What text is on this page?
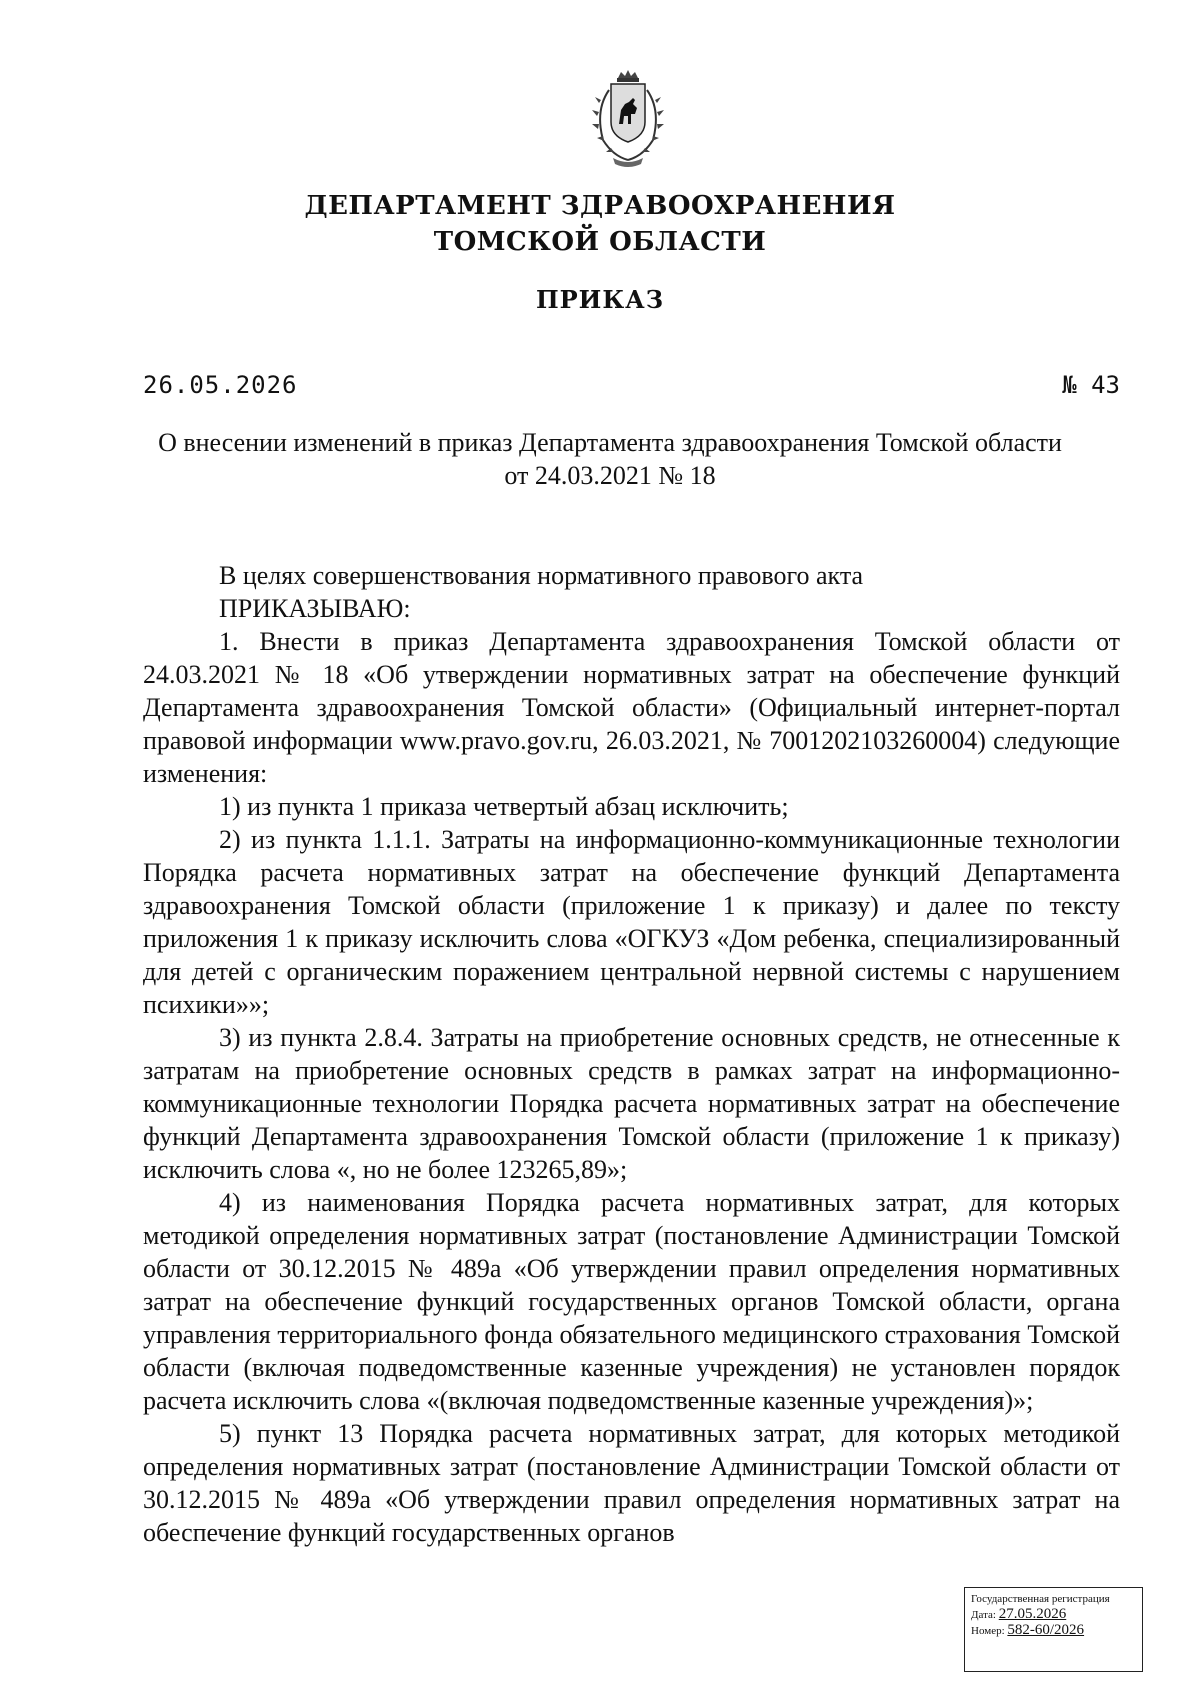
ДЕПАРТАМЕНТ ЗДРАВООХРАНЕНИЯ
ТОМСКОЙ ОБЛАСТИ
ПРИКАЗ
26.05.2026	№ 43
О внесении изменений в приказ Департамента здравоохранения Томской области от 24.03.2021 № 18

В целях совершенствования нормативного правового акта

ПРИКАЗЫВАЮ:

1. Внести в приказ Департамента здравоохранения Томской области от 24.03.2021 № 18 «Об утверждении нормативных затрат на обеспечение функций Департамента здравоохранения Томской области» (Официальный интернет-портал правовой информации www.pravo.gov.ru, 26.03.2021, № 7001202103260004) следующие изменения:

1) из пункта 1 приказа четвертый абзац исключить;

2) из пункта 1.1.1. Затраты на информационно-коммуникационные технологии Порядка расчета нормативных затрат на обеспечение функций Департамента здравоохранения Томской области (приложение 1 к приказу) и далее по тексту приложения 1 к приказу исключить слова «ОГКУЗ «Дом ребенка, специализированный для детей с органическим поражением центральной нервной системы с нарушением психики»»;

3) из пункта 2.8.4. Затраты на приобретение основных средств, не отнесенные к затратам на приобретение основных средств в рамках затрат на информационно-коммуникационные технологии Порядка расчета нормативных затрат на обеспечение функций Департамента здравоохранения Томской области (приложение 1 к приказу) исключить слова «, но не более 123265,89»;

4) из наименования Порядка расчета нормативных затрат, для которых методикой определения нормативных затрат (постановление Администрации Томской области от 30.12.2015 № 489а «Об утверждении правил определения нормативных затрат на обеспечение функций государственных органов Томской области, органа управления территориального фонда обязательного медицинского страхования Томской области (включая подведомственные казенные учреждения) не установлен порядок расчета исключить слова «(включая подведомственные казенные учреждения)»;

5) пункт 13 Порядка расчета нормативных затрат, для которых методикой определения нормативных затрат (постановление Администрации Томской области от 30.12.2015 № 489а «Об утверждении правил определения нормативных затрат на обеспечение функций государственных органов

Государственная регистрация
Дата: 27.05.2026
Номер: 582-60/2026
